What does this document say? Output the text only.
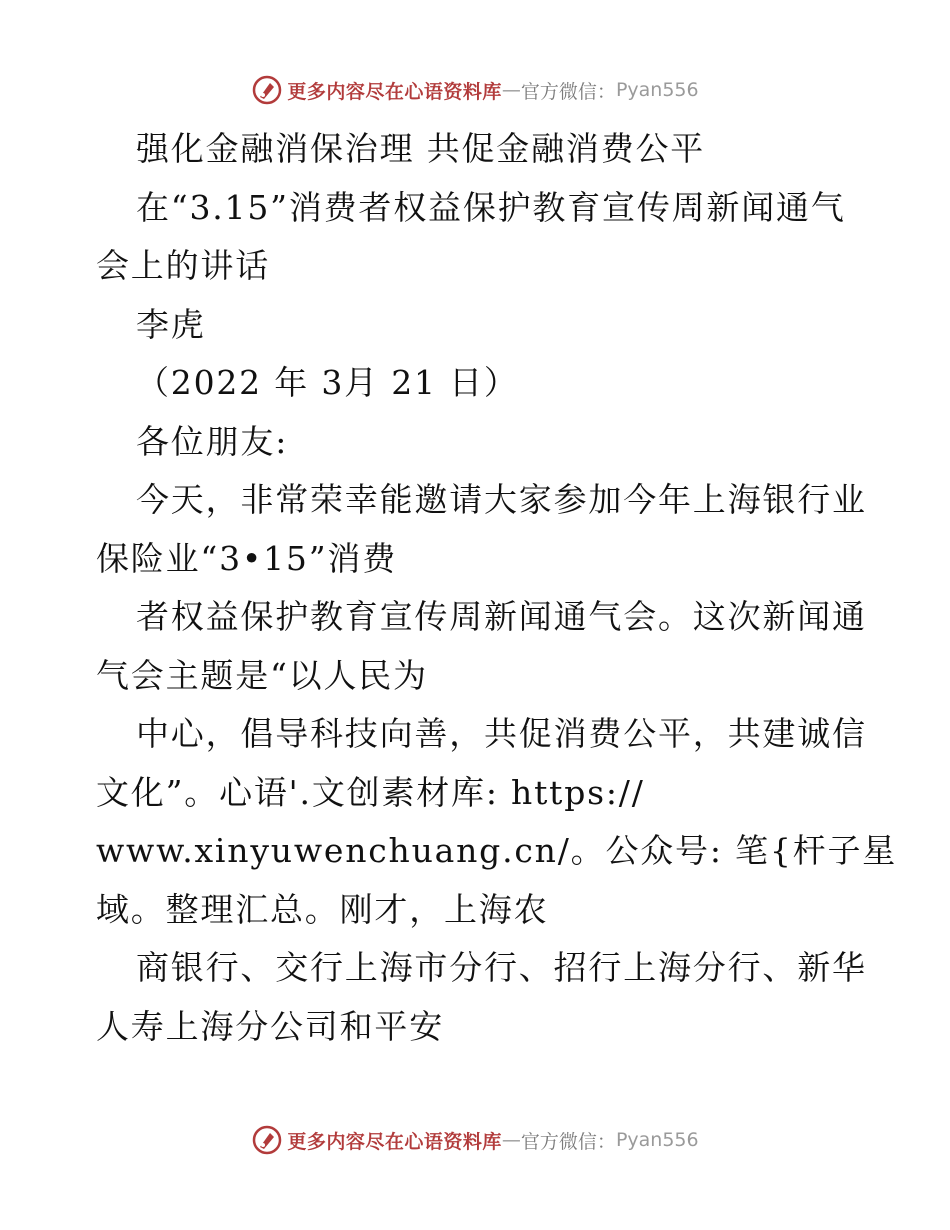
更多内容尽在心语资料库 — 官方微信： Pyan556
强化金融消保治理 共促金融消费公平
在“3.15”消费者权益保护教育宣传周新闻通气
会上的讲话
李虎
（2022 年 3月 21 日）
各位朋友:
今天，非常荣幸能邀请大家参加今年上海银行业
保险业“3•15”消费
者权益保护教育宣传周新闻通气会。这次新闻通
气会主题是“以人民为
中心，倡导科技向善，共促消费公平，共建诚信
文化”。心语'.文创素材库: https://
www.xinyuwenchuang.cn/。公众号: 笔{杆子星
域。整理汇总。刚才，上海农
商银行、交行上海市分行、招行上海分行、新华
人寿上海分公司和平安
更多内容尽在心语资料库 — 官方微信： Pyan556
